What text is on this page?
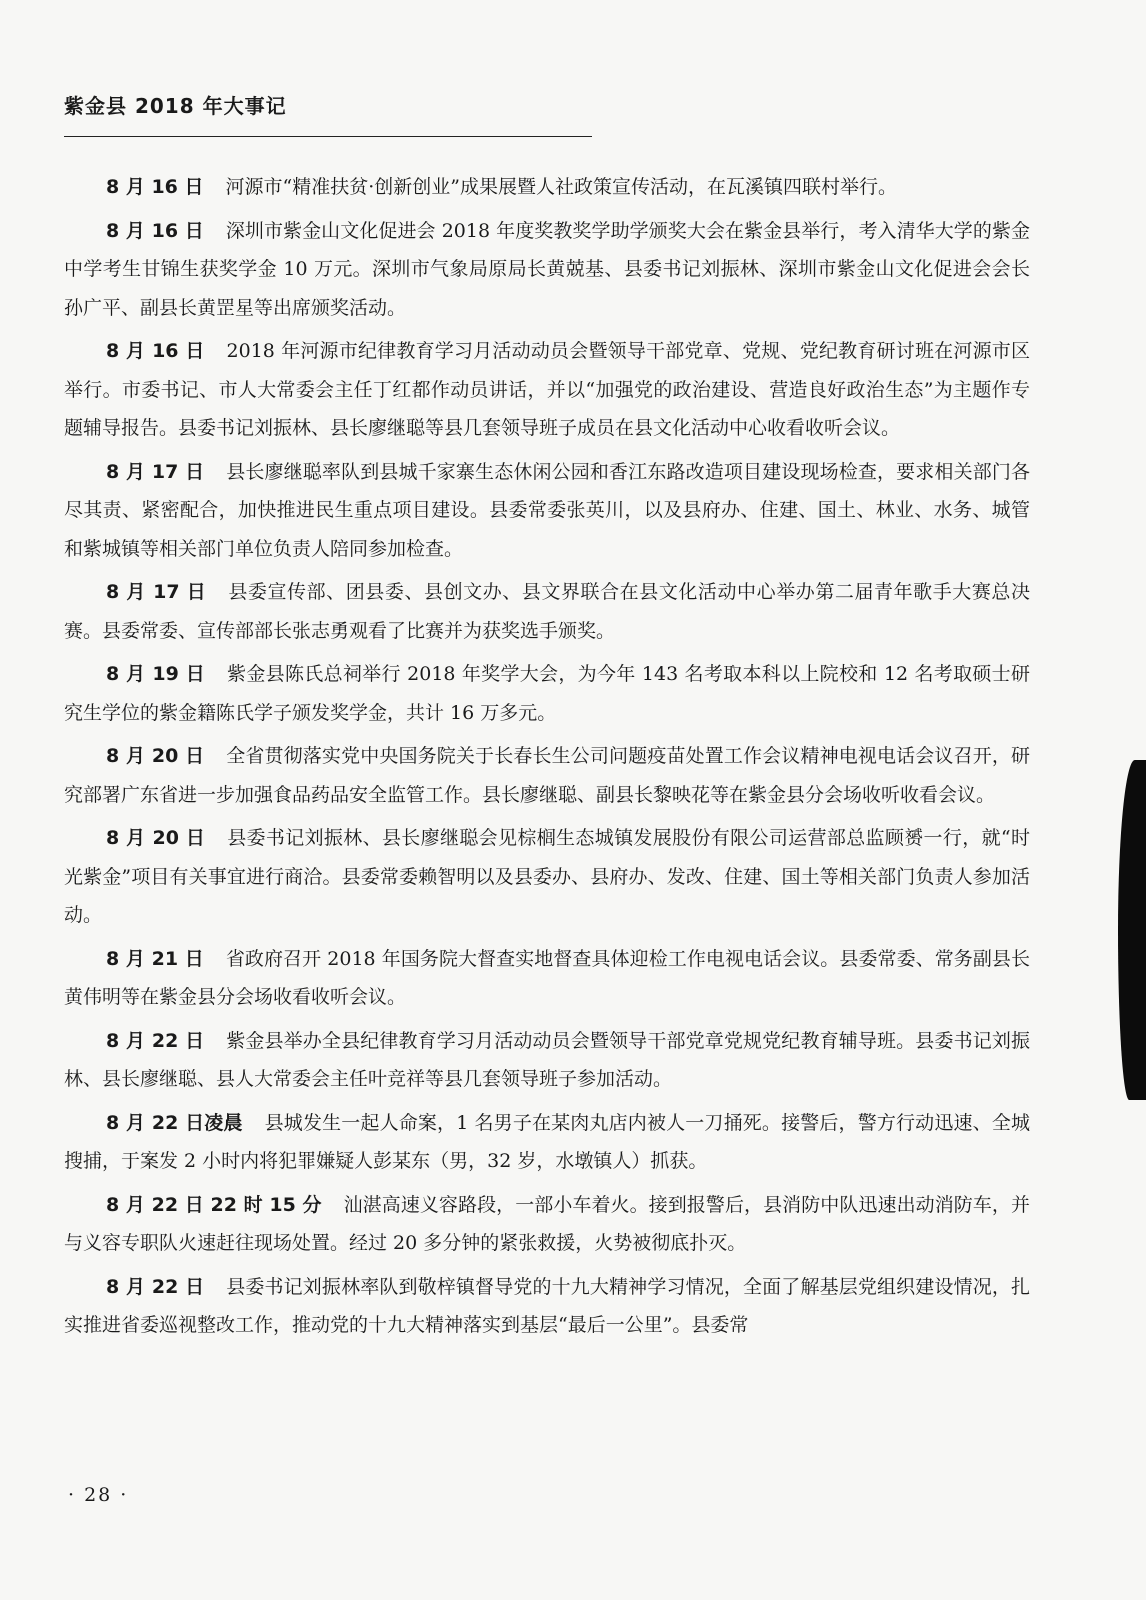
紫金县 2018 年大事记

8 月 16 日 河源市“精准扶贫·创新创业”成果展暨人社政策宣传活动，在瓦溪镇四联村举行。

8 月 16 日 深圳市紫金山文化促进会 2018 年度奖教奖学助学颁奖大会在紫金县举行，考入清华大学的紫金中学考生甘锦生获奖学金 10 万元。深圳市气象局原局长黄兢基、县委书记刘振林、深圳市紫金山文化促进会会长孙广平、副县长黄罡星等出席颁奖活动。

8 月 16 日 2018 年河源市纪律教育学习月活动动员会暨领导干部党章、党规、党纪教育研讨班在河源市区举行。市委书记、市人大常委会主任丁红都作动员讲话，并以“加强党的政治建设、营造良好政治生态”为主题作专题辅导报告。县委书记刘振林、县长廖继聪等县几套领导班子成员在县文化活动中心收看收听会议。

8 月 17 日 县长廖继聪率队到县城千家寨生态休闲公园和香江东路改造项目建设现场检查，要求相关部门各尽其责、紧密配合，加快推进民生重点项目建设。县委常委张英川，以及县府办、住建、国土、林业、水务、城管和紫城镇等相关部门单位负责人陪同参加检查。

8 月 17 日 县委宣传部、团县委、县创文办、县文界联合在县文化活动中心举办第二届青年歌手大赛总决赛。县委常委、宣传部部长张志勇观看了比赛并为获奖选手颁奖。

8 月 19 日 紫金县陈氏总祠举行 2018 年奖学大会，为今年 143 名考取本科以上院校和 12 名考取硕士研究生学位的紫金籍陈氏学子颁发奖学金，共计 16 万多元。

8 月 20 日 全省贯彻落实党中央国务院关于长春长生公司问题疫苗处置工作会议精神电视电话会议召开，研究部署广东省进一步加强食品药品安全监管工作。县长廖继聪、副县长黎映花等在紫金县分会场收听收看会议。

8 月 20 日 县委书记刘振林、县长廖继聪会见棕榈生态城镇发展股份有限公司运营部总监顾赟一行，就“时光紫金”项目有关事宜进行商洽。县委常委赖智明以及县委办、县府办、发改、住建、国土等相关部门负责人参加活动。

8 月 21 日 省政府召开 2018 年国务院大督查实地督查具体迎检工作电视电话会议。县委常委、常务副县长黄伟明等在紫金县分会场收看收听会议。

8 月 22 日 紫金县举办全县纪律教育学习月活动动员会暨领导干部党章党规党纪教育辅导班。县委书记刘振林、县长廖继聪、县人大常委会主任叶竞祥等县几套领导班子参加活动。

8 月 22 日凌晨 县城发生一起人命案，1 名男子在某肉丸店内被人一刀捅死。接警后，警方行动迅速、全城搜捕，于案发 2 小时内将犯罪嫌疑人彭某东（男，32 岁，水墩镇人）抓获。

8 月 22 日 22 时 15 分 汕湛高速义容路段，一部小车着火。接到报警后，县消防中队迅速出动消防车，并与义容专职队火速赶往现场处置。经过 20 多分钟的紧张救援，火势被彻底扑灭。

8 月 22 日 县委书记刘振林率队到敬梓镇督导党的十九大精神学习情况，全面了解基层党组织建设情况，扎实推进省委巡视整改工作，推动党的十九大精神落实到基层“最后一公里”。县委常

· 28 ·
